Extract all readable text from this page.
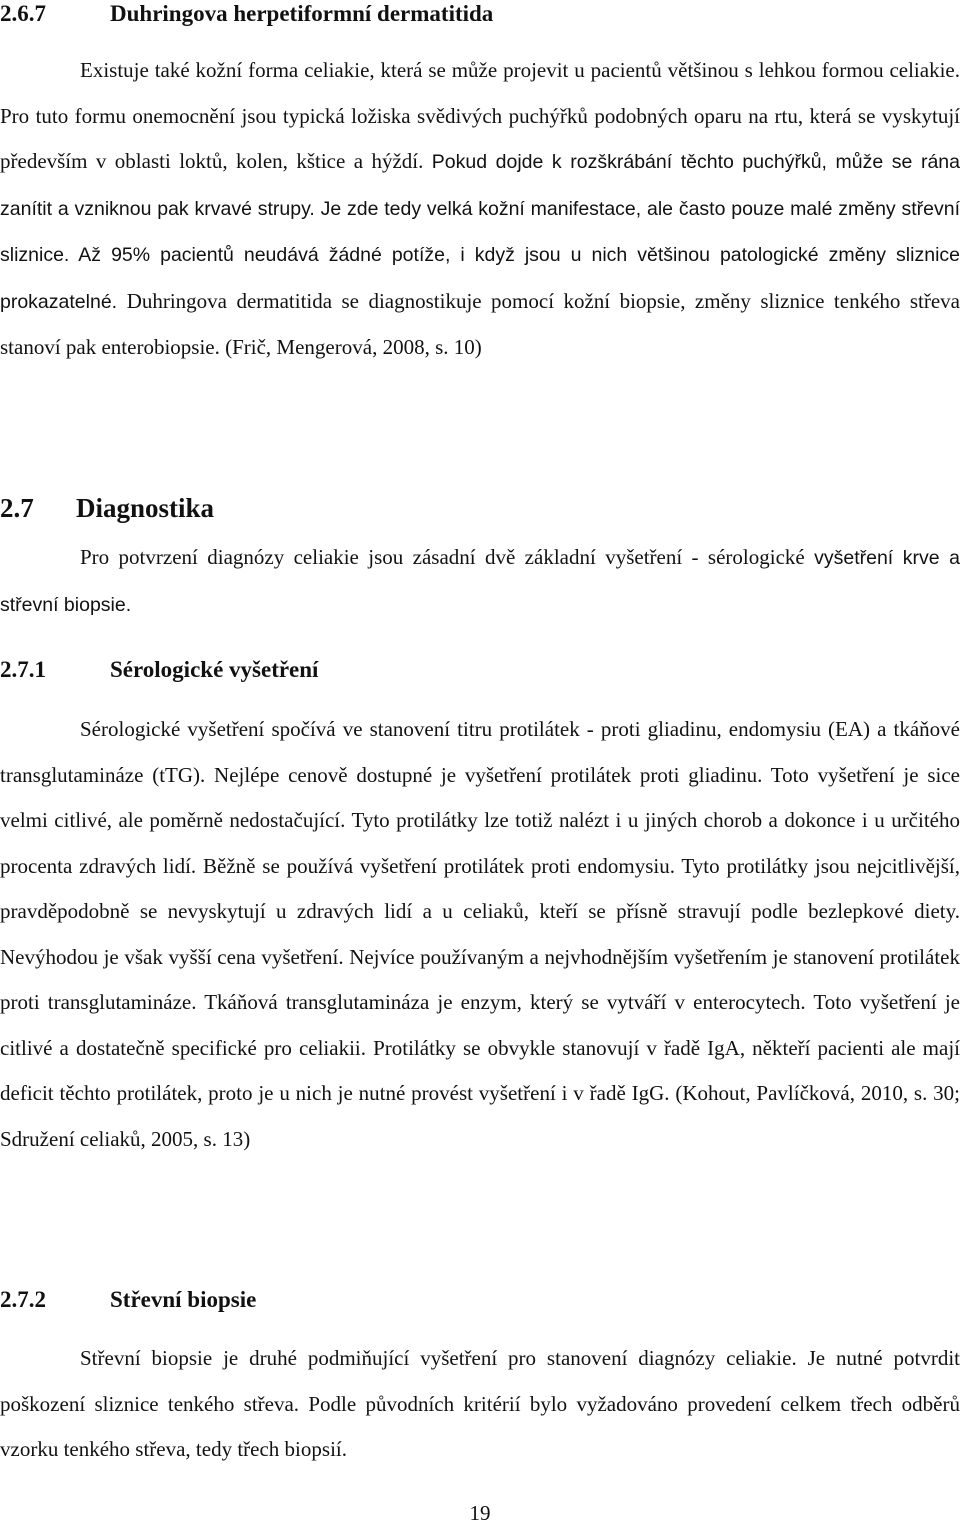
2.6.7	Duhringova herpetiformní dermatitida

Existuje také kožní forma celiakie, která se může projevit u pacientů většinou s lehkou formou celiakie. Pro tuto formu onemocnění jsou typická ložiska svědivých puchýřků podobných oparu na rtu, která se vyskytují především v oblasti loktů, kolen, kštice a hýždí. Pokud dojde k rozškrábání těchto puchýřků, může se rána zanítit a vzniknou pak krvavé strupy. Je zde tedy velká kožní manifestace, ale často pouze malé změny střevní sliznice. Až 95% pacientů neudává žádné potíže, i když jsou u nich většinou patologické změny sliznice prokazatelné. Duhringova dermatitida se diagnostikuje pomocí kožní biopsie, změny sliznice tenkého střeva stanoví pak enterobiopsie. (Frič, Mengerová, 2008, s. 10)

2.7 Diagnostika

Pro potvrzení diagnózy celiakie jsou zásadní dvě základní vyšetření - sérologické vyšetření krve a střevní biopsie.

2.7.1	Sérologické vyšetření

Sérologické vyšetření spočívá ve stanovení titru protilátek - proti gliadinu, endomysiu (EA) a tkáňové transglutamináze (tTG). Nejlépe cenově dostupné je vyšetření protilátek proti gliadinu. Toto vyšetření je sice velmi citlivé, ale poměrně nedostačující. Tyto protilátky lze totiž nalézt i u jiných chorob a dokonce i u určitého procenta zdravých lidí. Běžně se používá vyšetření protilátek proti endomysiu. Tyto protilátky jsou nejcitlivější, pravděpodobně se nevyskytují u zdravých lidí a u celiaků, kteří se přísně stravují podle bezlepkové diety. Nevýhodou je však vyšší cena vyšetření. Nejvíce používaným a nejvhodnějším vyšetřením je stanovení protilátek proti transglutamináze. Tkáňová transglutamináza je enzym, který se vytváří v enterocytech. Toto vyšetření je citlivé a dostatečně specifické pro celiakii. Protilátky se obvykle stanovují v řadě IgA, někteří pacienti ale mají deficit těchto protilátek, proto je u nich je nutné provést vyšetření i v řadě IgG. (Kohout, Pavlíčková, 2010, s. 30; Sdružení celiaků, 2005, s. 13)

2.7.2	Střevní biopsie

Střevní biopsie je druhé podmiňující vyšetření pro stanovení diagnózy celiakie. Je nutné potvrdit poškození sliznice tenkého střeva. Podle původních kritérií bylo vyžadováno provedení celkem třech odběrů vzorku tenkého střeva, tedy třech biopsií.

19
